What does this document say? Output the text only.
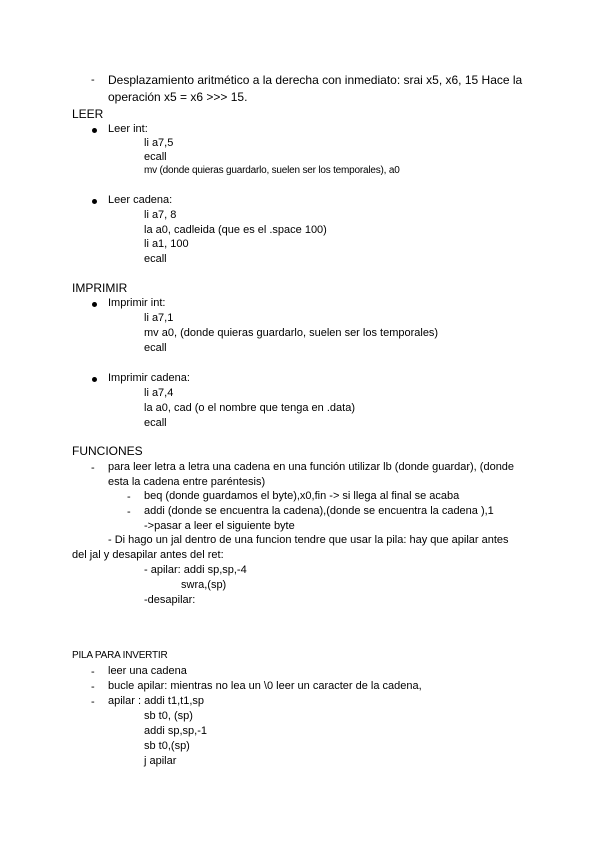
- Desplazamiento aritmético a la derecha con inmediato: srai x5, x6, 15 Hace la
operación x5 = x6 >>> 15.
LEER
Leer int:
li a7,5
ecall
mv (donde quieras guardarlo, suelen ser los temporales), a0
Leer cadena:
li a7, 8
la a0, cadleida (que es el .space 100)
li a1, 100
ecall
IMPRIMIR
Imprimir int:
li a7,1
mv a0, (donde quieras guardarlo, suelen ser los temporales)
ecall
Imprimir cadena:
li a7,4
la a0, cad (o el nombre que tenga en .data)
ecall
FUNCIONES
- para leer letra a letra una cadena en una función utilizar lb (donde guardar), (donde
esta la cadena entre paréntesis)
- beq (donde guardamos el byte),x0,fin -> si llega al final se acaba
- addi (donde se encuentra la cadena),(donde se encuentra la cadena ),1
->pasar a leer el siguiente byte
- Di hago un jal dentro de una funcion tendre que usar la pila: hay que apilar antes
del jal y desapilar antes del ret:
- apilar: addi sp,sp,-4
swra,(sp)
-desapilar:
PILA PARA INVERTIR
- leer una cadena
- bucle apilar: mientras no lea un \0 leer un caracter de la cadena,
- apilar : addi t1,t1,sp
sb t0, (sp)
addi sp,sp,-1
sb t0,(sp)
j apilar
